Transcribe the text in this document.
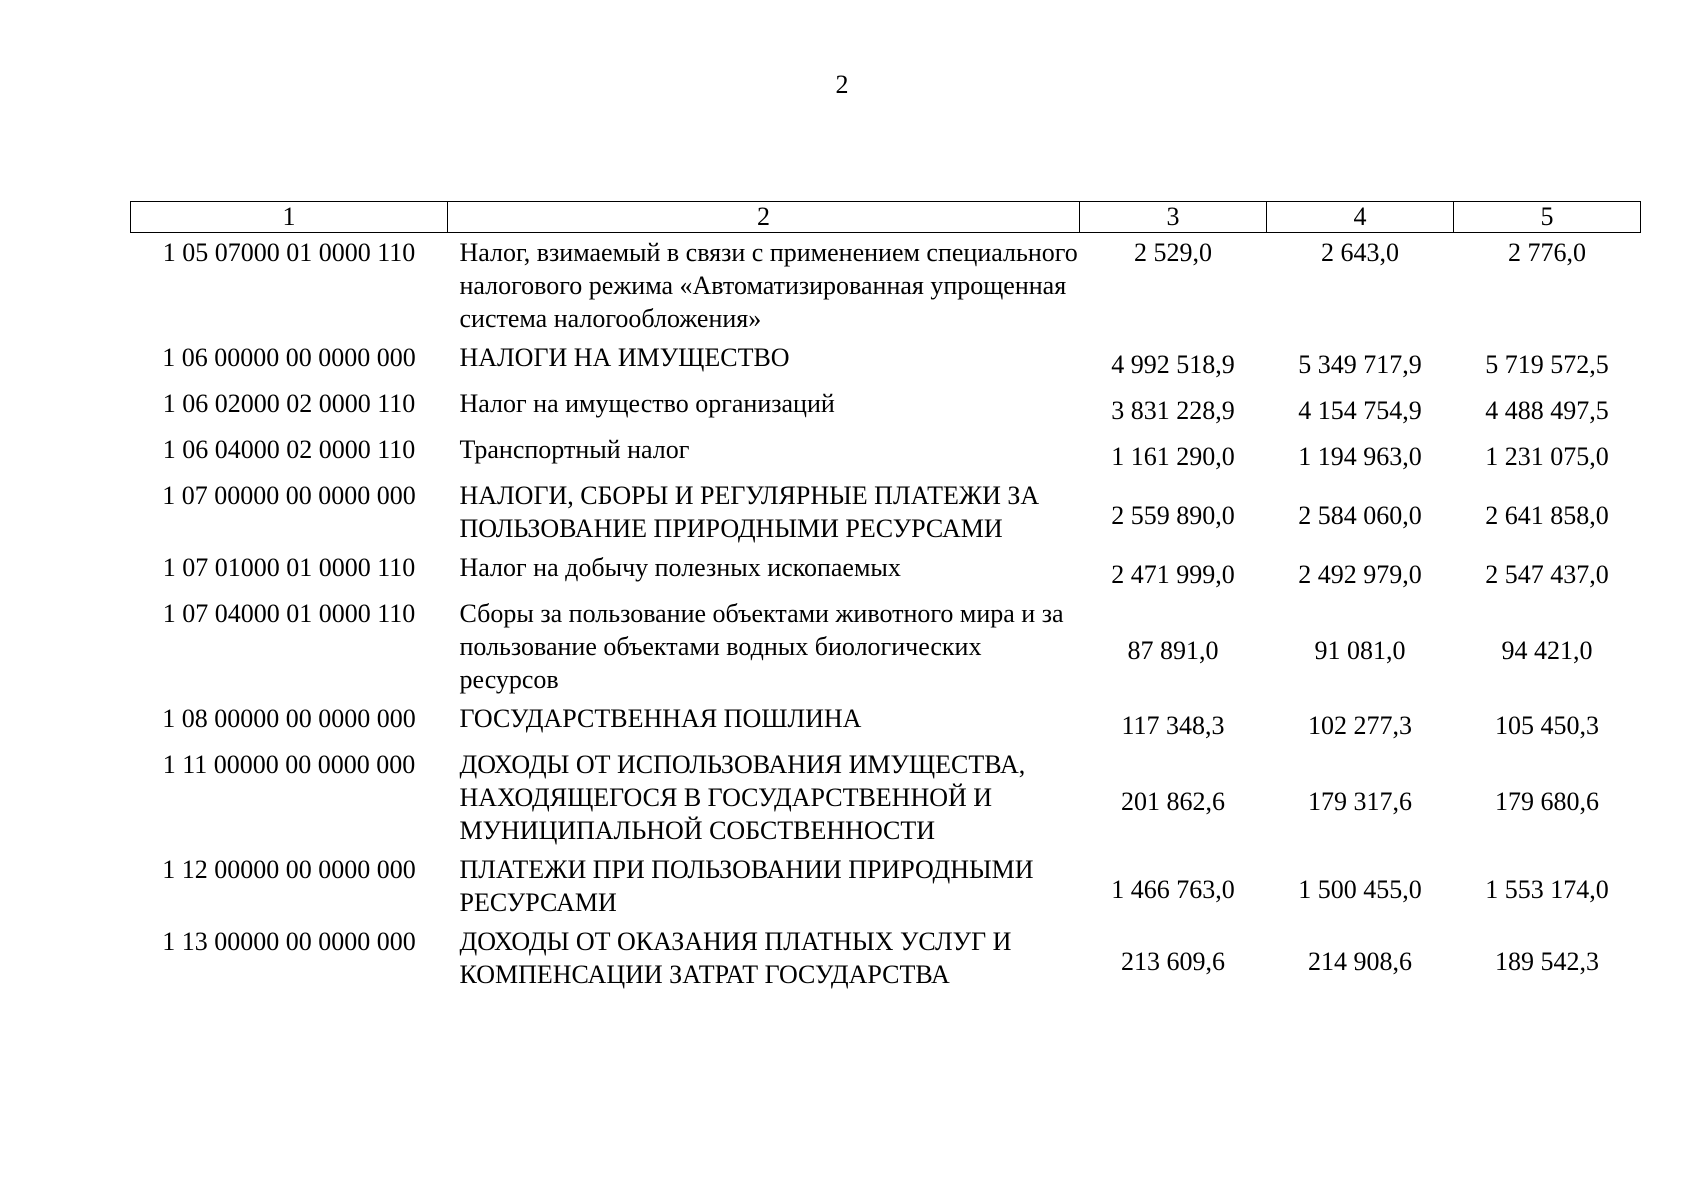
2
1	2	3	4	5
1 05 07000 01 0000 110	Налог, взимаемый в связи с применением специального налогового режима «Автоматизированная упрощенная система налогообложения»	2 529,0	2 643,0	2 776,0
1 06 00000 00 0000 000	НАЛОГИ НА ИМУЩЕСТВО	4 992 518,9	5 349 717,9	5 719 572,5
1 06 02000 02 0000 110	Налог на имущество организаций	3 831 228,9	4 154 754,9	4 488 497,5
1 06 04000 02 0000 110	Транспортный налог	1 161 290,0	1 194 963,0	1 231 075,0
1 07 00000 00 0000 000	НАЛОГИ, СБОРЫ И РЕГУЛЯРНЫЕ ПЛАТЕЖИ ЗА ПОЛЬЗОВАНИЕ ПРИРОДНЫМИ РЕСУРСАМИ	2 559 890,0	2 584 060,0	2 641 858,0
1 07 01000 01 0000 110	Налог на добычу полезных ископаемых	2 471 999,0	2 492 979,0	2 547 437,0
1 07 04000 01 0000 110	Сборы за пользование объектами животного мира и за пользование объектами водных биологических ресурсов	87 891,0	91 081,0	94 421,0
1 08 00000 00 0000 000	ГОСУДАРСТВЕННАЯ ПОШЛИНА	117 348,3	102 277,3	105 450,3
1 11 00000 00 0000 000	ДОХОДЫ ОТ ИСПОЛЬЗОВАНИЯ ИМУЩЕСТВА, НАХОДЯЩЕГОСЯ В ГОСУДАРСТВЕННОЙ И МУНИЦИПАЛЬНОЙ СОБСТВЕННОСТИ	201 862,6	179 317,6	179 680,6
1 12 00000 00 0000 000	ПЛАТЕЖИ ПРИ ПОЛЬЗОВАНИИ ПРИРОДНЫМИ РЕСУРСАМИ	1 466 763,0	1 500 455,0	1 553 174,0
1 13 00000 00 0000 000	ДОХОДЫ ОТ ОКАЗАНИЯ ПЛАТНЫХ УСЛУГ И КОМПЕНСАЦИИ ЗАТРАТ ГОСУДАРСТВА	213 609,6	214 908,6	189 542,3
